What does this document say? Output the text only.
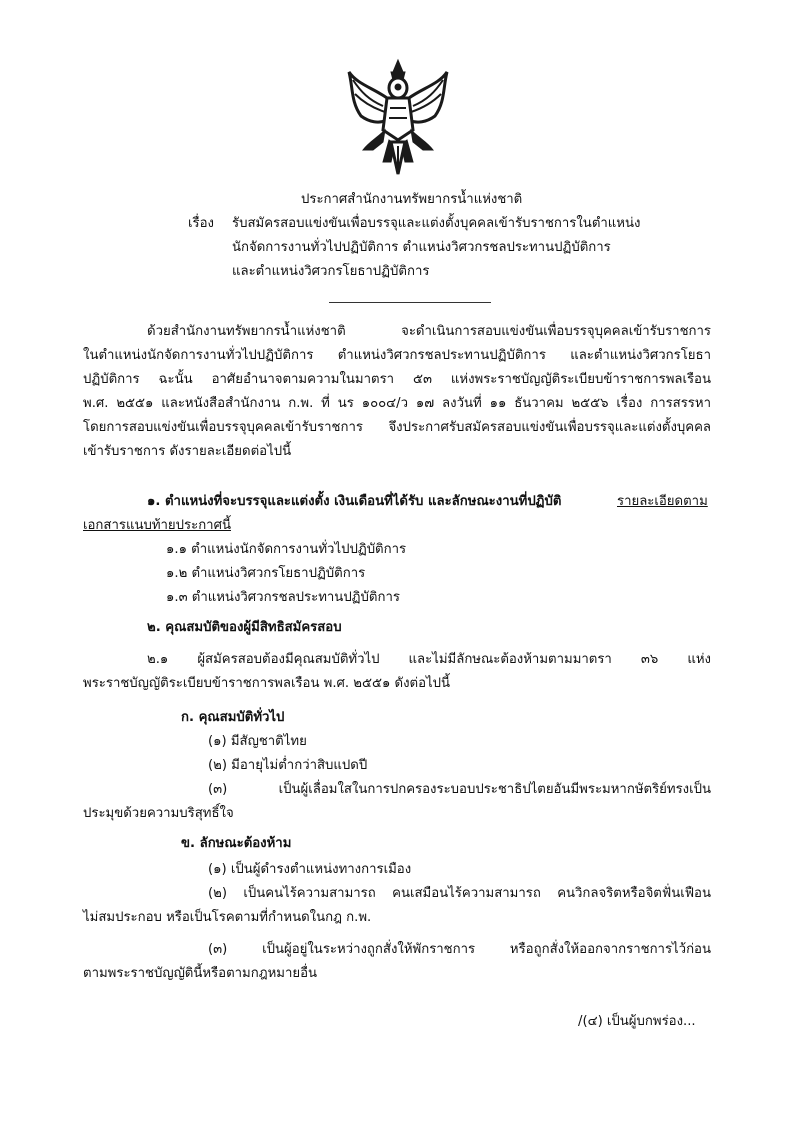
ประกาศสำนักงานทรัพยากรน้ำแห่งชาติ
เรื่อง รับสมัครสอบแข่งขันเพื่อบรรจุและแต่งตั้งบุคคลเข้ารับราชการในตำแหน่ง
นักจัดการงานทั่วไปปฏิบัติการ ตำแหน่งวิศวกรชลประทานปฏิบัติการ
และตำแหน่งวิศวกรโยธาปฏิบัติการ
ด้วยสำนักงานทรัพยากรน้ำแห่งชาติ จะดำเนินการสอบแข่งขันเพื่อบรรจุบุคคลเข้ารับราชการ
ในตำแหน่งนักจัดการงานทั่วไปปฏิบัติการ ตำแหน่งวิศวกรชลประทานปฏิบัติการ และตำแหน่งวิศวกรโยธา
ปฏิบัติการ ฉะนั้น อาศัยอำนาจตามความในมาตรา ๕๓ แห่งพระราชบัญญัติระเบียบข้าราชการพลเรือน
พ.ศ. ๒๕๕๑ และหนังสือสำนักงาน ก.พ. ที่ นร ๑๐๐๔/ว ๑๗ ลงวันที่ ๑๑ ธันวาคม ๒๕๕๖ เรื่อง การสรรหา
โดยการสอบแข่งขันเพื่อบรรจุบุคคลเข้ารับราชการ จึงประกาศรับสมัครสอบแข่งขันเพื่อบรรจุและแต่งตั้งบุคคล
เข้ารับราชการ ดังรายละเอียดต่อไปนี้
๑. ตำแหน่งที่จะบรรจุและแต่งตั้ง เงินเดือนที่ได้รับ และลักษณะงานที่ปฏิบัติ	รายละเอียดตาม
เอกสารแนบท้ายประกาศนี้
๑.๑ ตำแหน่งนักจัดการงานทั่วไปปฏิบัติการ
๑.๒ ตำแหน่งวิศวกรโยธาปฏิบัติการ
๑.๓ ตำแหน่งวิศวกรชลประทานปฏิบัติการ
๒. คุณสมบัติของผู้มีสิทธิสมัครสอบ
๒.๑ ผู้สมัครสอบต้องมีคุณสมบัติทั่วไป และไม่มีลักษณะต้องห้ามตามมาตรา ๓๖ แห่ง
พระราชบัญญัติระเบียบข้าราชการพลเรือน พ.ศ. ๒๕๕๑ ดังต่อไปนี้
ก. คุณสมบัติทั่วไป
(๑) มีสัญชาติไทย
(๒) มีอายุไม่ต่ำกว่าสิบแปดปี
(๓) เป็นผู้เลื่อมใสในการปกครองระบอบประชาธิปไตยอันมีพระมหากษัตริย์ทรงเป็น
ประมุขด้วยความบริสุทธิ์ใจ
ข. ลักษณะต้องห้าม
(๑) เป็นผู้ดำรงตำแหน่งทางการเมือง
(๒) เป็นคนไร้ความสามารถ คนเสมือนไร้ความสามารถ คนวิกลจริตหรือจิตฟั่นเฟือน
ไม่สมประกอบ หรือเป็นโรคตามที่กำหนดในกฎ ก.พ.
(๓) เป็นผู้อยู่ในระหว่างถูกสั่งให้พักราชการ หรือถูกสั่งให้ออกจากราชการไว้ก่อน
ตามพระราชบัญญัตินี้หรือตามกฎหมายอื่น
/(๔) เป็นผู้บกพร่อง...
